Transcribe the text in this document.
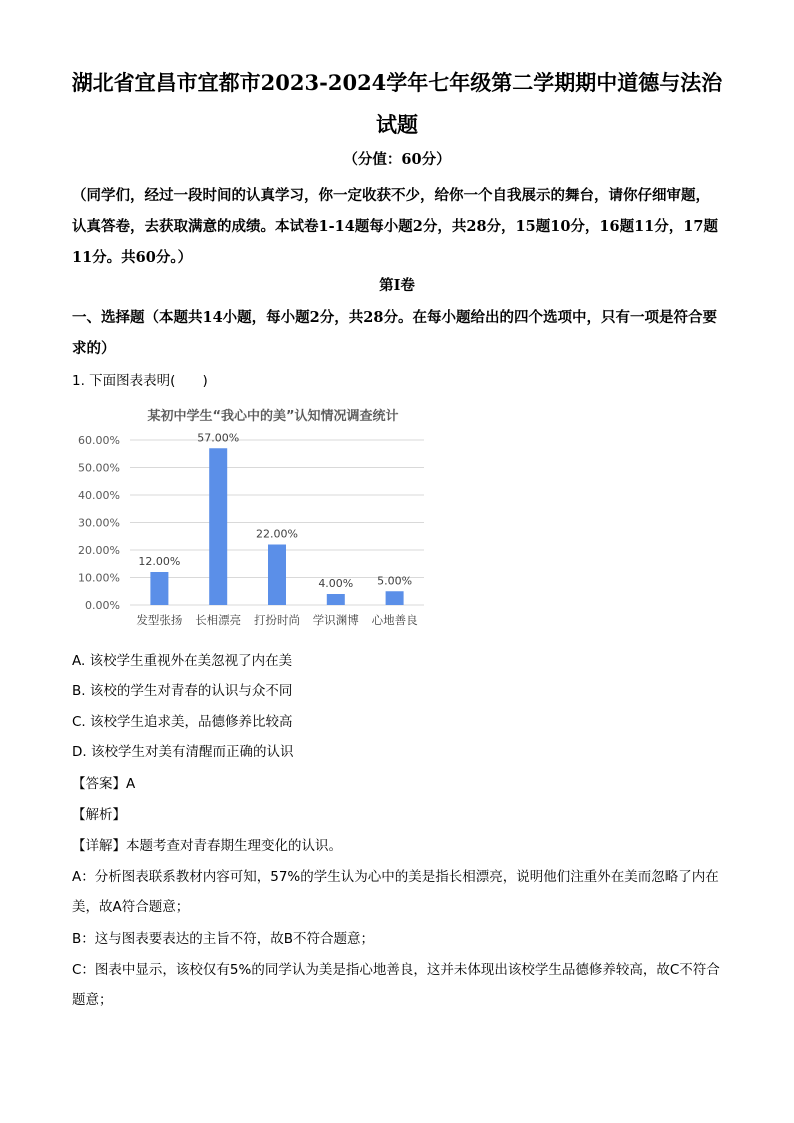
湖北省宜昌市宜都市2023-2024学年七年级第二学期期中道德与法治
试题
（分值：60分）
（同学们，经过一段时间的认真学习，你一定收获不少，给你一个自我展示的舞台，请你仔细审题，认真答卷，去获取满意的成绩。本试卷1-14题每小题2分，共28分，15题10分，16题11分，17题11分。共60分。）
第Ⅰ卷
一、选择题（本题共14小题，每小题2分，共28分。在每小题给出的四个选项中，只有一项是符合要求的）
1. 下面图表表明(　　)
某初中学生“我心中的美”认知情况调查统计
0.00%
10.00%
20.00%
30.00%
40.00%
50.00%
60.00%
12.00%
发型张扬
57.00%
长相漂亮
22.00%
打扮时尚
4.00%
学识渊博
5.00%
心地善良
A. 该校学生重视外在美忽视了内在美
B. 该校的学生对青春的认识与众不同
C. 该校学生追求美，品德修养比较高
D. 该校学生对美有清醒而正确的认识
【答案】A
【解析】
【详解】本题考查对青春期生理变化的认识。
A：分析图表联系教材内容可知，57%的学生认为心中的美是指长相漂亮，说明他们注重外在美而忽略了内在美，故A符合题意；
B：这与图表要表达的主旨不符，故B不符合题意；
C：图表中显示，该校仅有5%的同学认为美是指心地善良，这并未体现出该校学生品德修养较高，故C不符合题意；
